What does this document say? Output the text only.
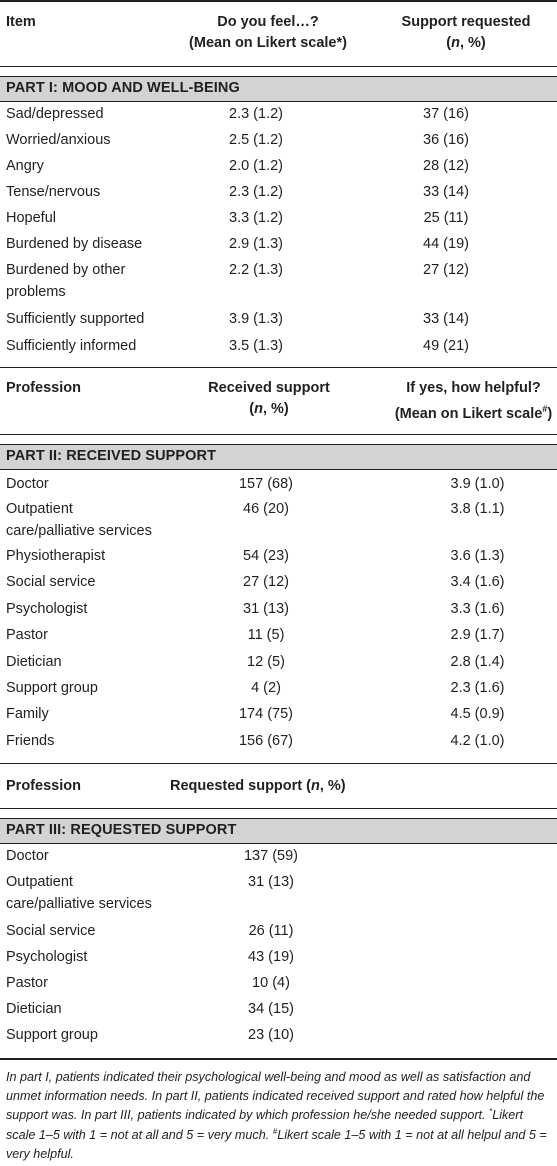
Item	Do you feel…?
(Mean on Likert scale*)
Support requested
(n, %)
PART I: MOOD AND WELL-BEING
Sad/depressed	2.3 (1.2)	37 (16)
Worried/anxious	2.5 (1.2)	36 (16)
Angry	2.0 (1.2)	28 (12)
Tense/nervous	2.3 (1.2)	33 (14)
Hopeful	3.3 (1.2)	25 (11)
Burdened by disease	2.9 (1.3)	44 (19)
Burdened by other
problems
2.2 (1.3)	27 (12)
Sufficiently supported	3.9 (1.3)	33 (14)
Sufficiently informed	3.5 (1.3)	49 (21)
Profession	Received support
(n, %)
If yes, how helpful?
(Mean on Likert scale#)
PART II: RECEIVED SUPPORT
Doctor	157 (68)	3.9 (1.0)
Outpatient
care/palliative services
46 (20)	3.8 (1.1)
Physiotherapist	54 (23)	3.6 (1.3)
Social service	27 (12)	3.4 (1.6)
Psychologist	31 (13)	3.3 (1.6)
Pastor	11 (5)	2.9 (1.7)
Dietician	12 (5)	2.8 (1.4)
Support group	4 (2)	2.3 (1.6)
Family	174 (75)	4.5 (0.9)
Friends	156 (67)	4.2 (1.0)
Profession	Requested support (n, %)
PART III: REQUESTED SUPPORT
Doctor	137 (59)
Outpatient
care/palliative services
31 (13)
Social service	26 (11)
Psychologist	43 (19)
Pastor	10 (4)
Dietician	34 (15)
Support group	23 (10)
In part I, patients indicated their psychological well-being and mood as well as satisfaction and unmet information needs. In part II, patients indicated received support and rated how helpful the support was. In part III, patients indicated by which profession he/she needed support. *Likert scale 1–5 with 1 = not at all and 5 = very much. #Likert scale 1–5 with 1 = not at all helpul and 5 = very helpful.
